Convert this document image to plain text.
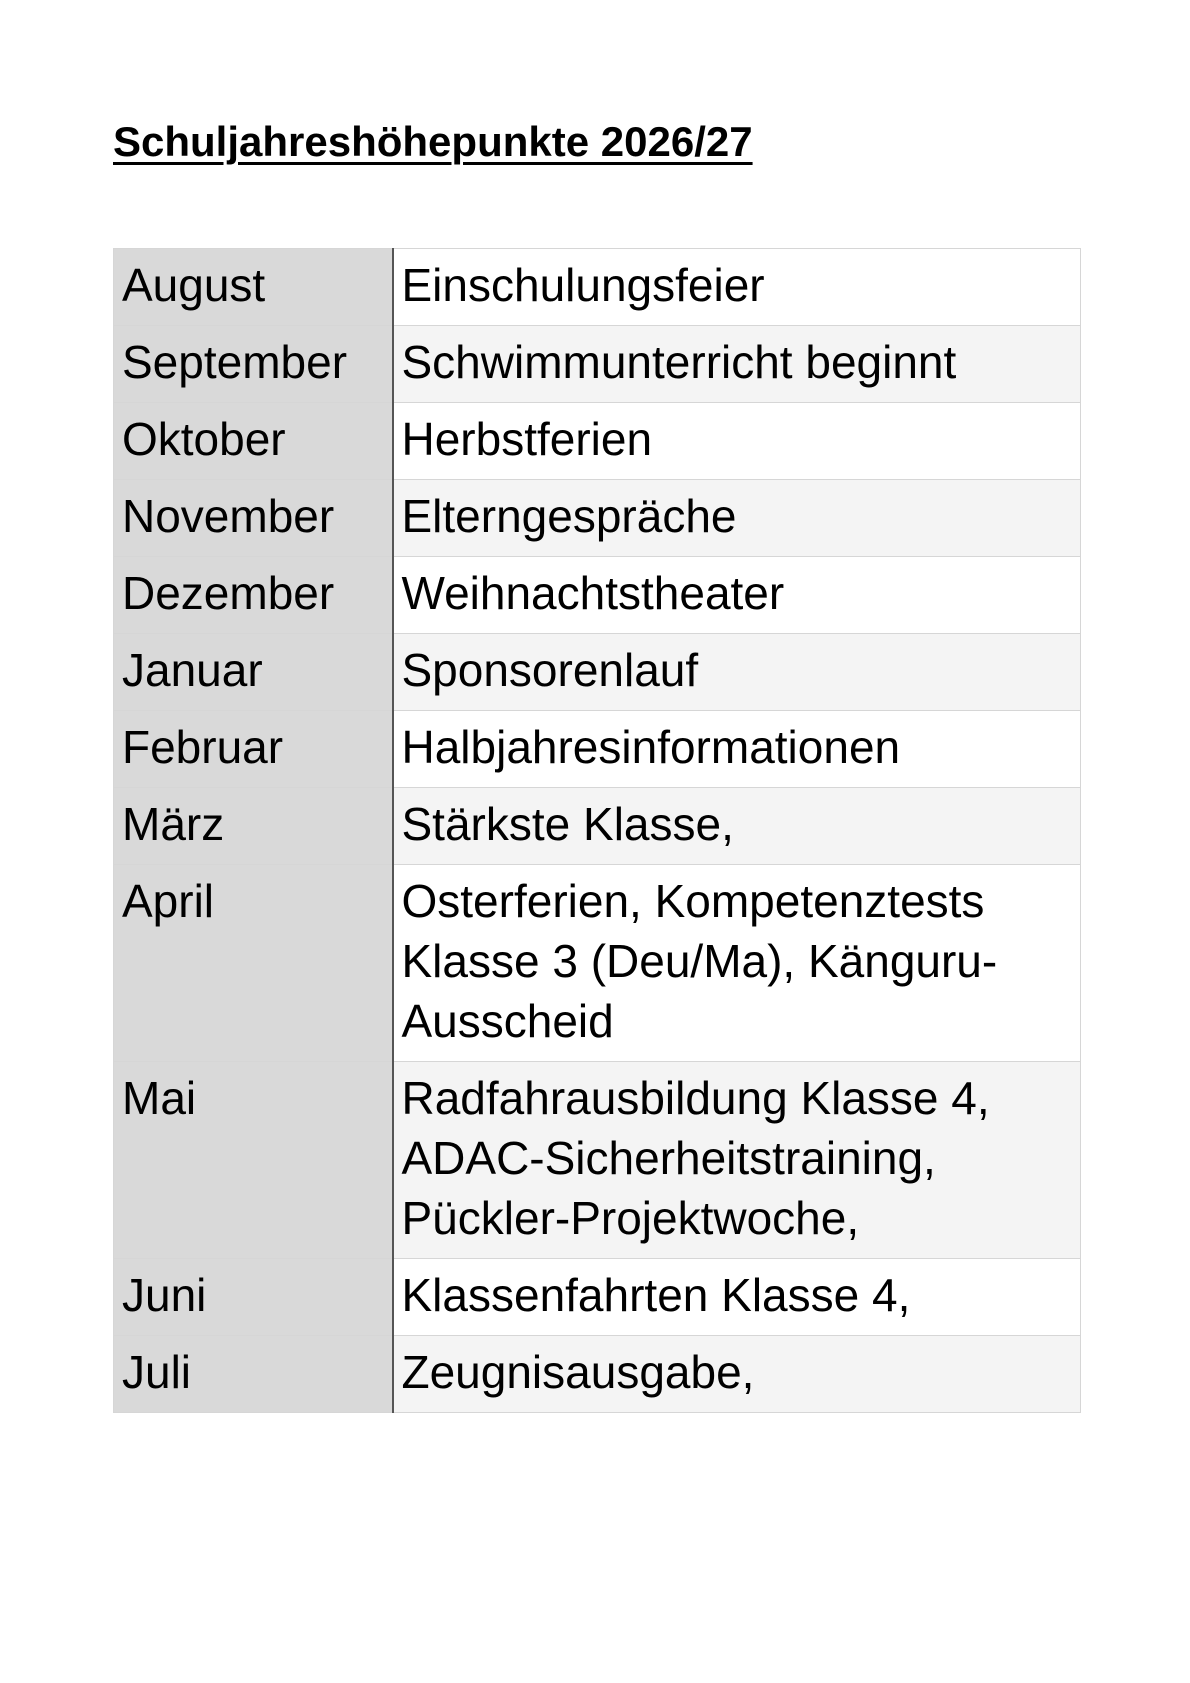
Schuljahreshöhepunkte 2026/27
August	Einschulungsfeier
September	Schwimmunterricht beginnt
Oktober	Herbstferien
November	Elterngespräche
Dezember	Weihnachtstheater
Januar	Sponsorenlauf
Februar	Halbjahresinformationen
März	Stärkste Klasse,
April	Osterferien, Kompetenztests Klasse 3 (Deu/Ma), Känguru-Ausscheid
Mai	Radfahrausbildung Klasse 4, ADAC-Sicherheitstraining, Pückler-Projektwoche,
Juni	Klassenfahrten Klasse 4,
Juli	Zeugnisausgabe,
